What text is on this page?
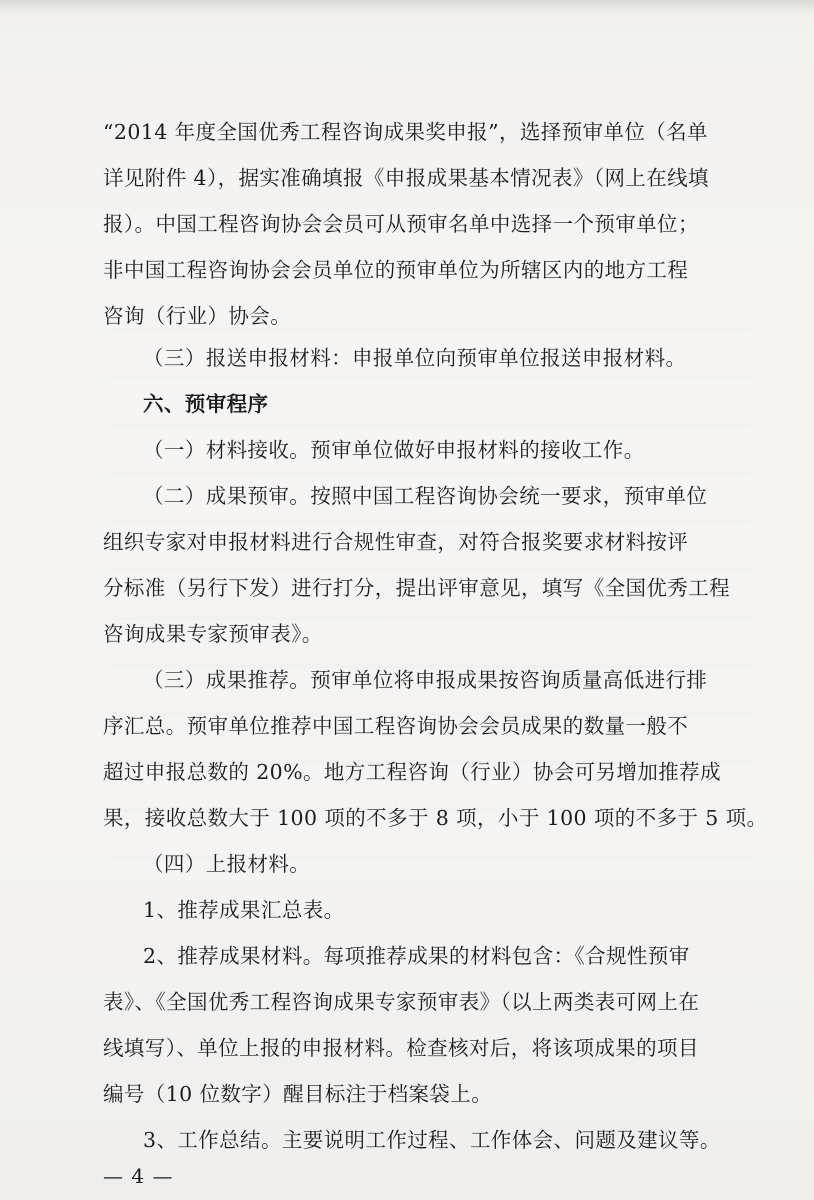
“2014 年度全国优秀工程咨询成果奖申报”，选择预审单位（名单
详见附件 4），据实准确填报《申报成果基本情况表》（网上在线填
报）。中国工程咨询协会会员可从预审名单中选择一个预审单位；
非中国工程咨询协会会员单位的预审单位为所辖区内的地方工程
咨询（行业）协会。
（三）报送申报材料：申报单位向预审单位报送申报材料。
六、预审程序
（一）材料接收。预审单位做好申报材料的接收工作。
（二）成果预审。按照中国工程咨询协会统一要求，预审单位
组织专家对申报材料进行合规性审查，对符合报奖要求材料按评
分标准（另行下发）进行打分，提出评审意见，填写《全国优秀工程
咨询成果专家预审表》。
（三）成果推荐。预审单位将申报成果按咨询质量高低进行排
序汇总。预审单位推荐中国工程咨询协会会员成果的数量一般不
超过申报总数的 20%。地方工程咨询（行业）协会可另增加推荐成
果，接收总数大于 100 项的不多于 8 项，小于 100 项的不多于 5 项。
（四）上报材料。
1、推荐成果汇总表。
2、推荐成果材料。每项推荐成果的材料包含：《合规性预审
表》、《全国优秀工程咨询成果专家预审表》（以上两类表可网上在
线填写）、单位上报的申报材料。检查核对后，将该项成果的项目
编号（10 位数字）醒目标注于档案袋上。
3、工作总结。主要说明工作过程、工作体会、问题及建议等。
— 4 —
